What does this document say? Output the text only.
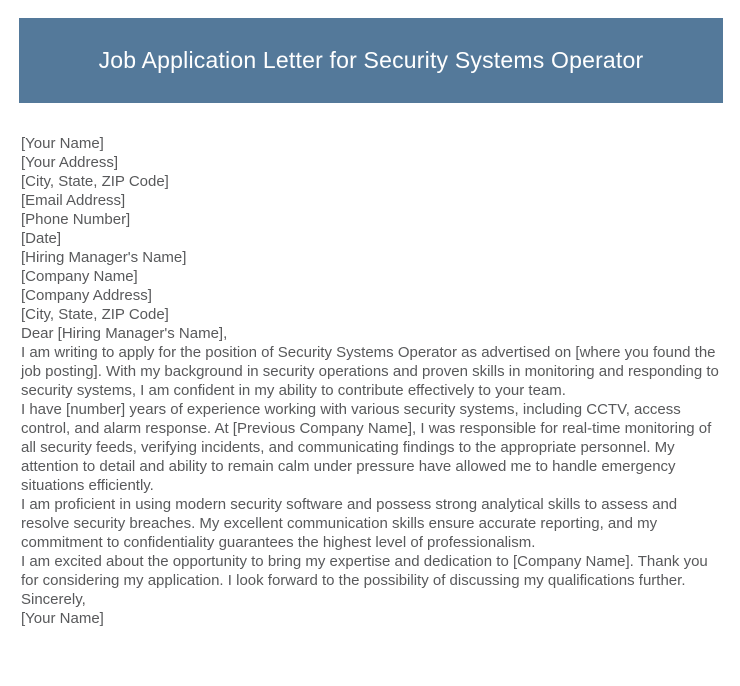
Job Application Letter for Security Systems Operator

[Your Name]

[Your Address]

[City, State, ZIP Code]

[Email Address]

[Phone Number]

[Date]

[Hiring Manager's Name]

[Company Name]

[Company Address]

[City, State, ZIP Code]

Dear [Hiring Manager's Name],

I am writing to apply for the position of Security Systems Operator as advertised on [where you found the job posting]. With my background in security operations and proven skills in monitoring and responding to security systems, I am confident in my ability to contribute effectively to your team.

I have [number] years of experience working with various security systems, including CCTV, access control, and alarm response. At [Previous Company Name], I was responsible for real-time monitoring of all security feeds, verifying incidents, and communicating findings to the appropriate personnel. My attention to detail and ability to remain calm under pressure have allowed me to handle emergency situations efficiently.

I am proficient in using modern security software and possess strong analytical skills to assess and resolve security breaches. My excellent communication skills ensure accurate reporting, and my commitment to confidentiality guarantees the highest level of professionalism.

I am excited about the opportunity to bring my expertise and dedication to [Company Name]. Thank you for considering my application. I look forward to the possibility of discussing my qualifications further.

Sincerely,

[Your Name]
